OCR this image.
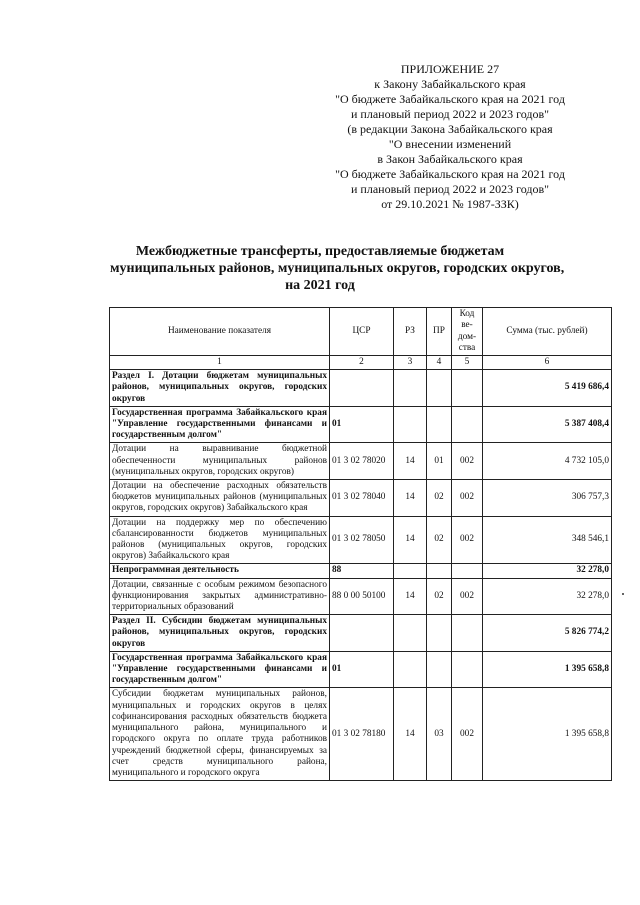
ПРИЛОЖЕНИЕ 27
к Закону Забайкальского края
"О бюджете Забайкальского края на 2021 год
и плановый период 2022 и 2023 годов"
(в редакции Закона Забайкальского края
"О внесении изменений
в Закон Забайкальского края
"О бюджете Забайкальского края на 2021 год
и плановый период 2022 и 2023 годов"
от 29.10.2021 № 1987-ЗЗК)
Межбюджетные трансферты, предоставляемые бюджетам
муниципальных районов, муниципальных округов, городских округов,
на 2021 год
Наименование показателя	ЦСР	РЗ	ПР	Код ве-дом-ства	Сумма (тыс. рублей)
1	2	3	4	5	6
Раздел I. Дотации бюджетам муниципальных районов, муниципальных округов, городских округов					5 419 686,4
Государственная программа Забайкальского края "Управление государственными финансами и государственным долгом"	01				5 387 408,4
Дотации на выравнивание бюджетной обеспеченности муниципальных районов (муниципальных округов, городских округов)	01 3 02 78020	14	01	002	4 732 105,0
Дотации на обеспечение расходных обязательств бюджетов муниципальных районов (муниципальных округов, городских округов) Забайкальского края	01 3 02 78040	14	02	002	306 757,3
Дотации на поддержку мер по обеспечению сбалансированности бюджетов муниципальных районов (муниципальных округов, городских округов) Забайкальского края	01 3 02 78050	14	02	002	348 546,1
Непрограммная деятельность	88				32 278,0
Дотации, связанные с особым режимом безопасного функционирования закрытых административно-территориальных образований	88 0 00 50100	14	02	002	32 278,0
Раздел II. Субсидии бюджетам муниципальных районов, муниципальных округов, городских округов					5 826 774,2
Государственная программа Забайкальского края "Управление государственными финансами и государственным долгом"	01				1 395 658,8
Субсидии бюджетам муниципальных районов, муниципальных и городских округов в целях софинансирования расходных обязательств бюджета муниципального района, муниципального и городского округа по оплате труда работников учреждений бюджетной сферы, финансируемых за счет средств муниципального района, муниципального и городского округа	01 3 02 78180	14	03	002	1 395 658,8
